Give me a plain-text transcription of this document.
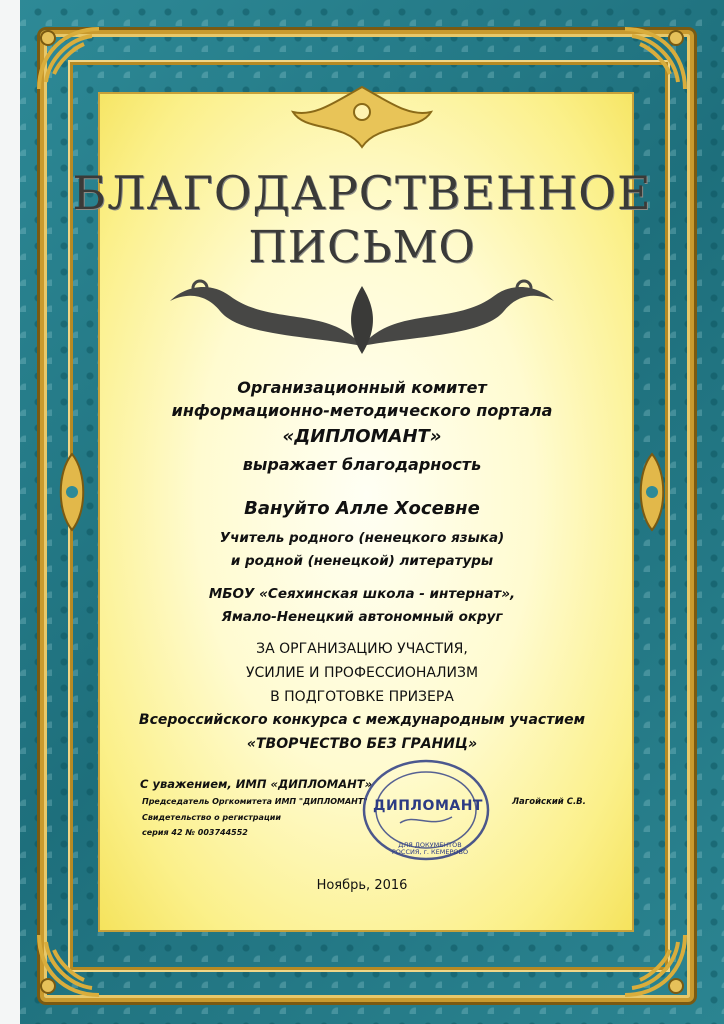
БЛАГОДАРСТВЕННОЕ
ПИСЬМО
Организационный комитет
информационно-методического портала
«ДИПЛОМАНТ»
выражает благодарность
Вануйто Алле Хосевне
Учитель родного (ненецкого языка)
и родной (ненецкой) литературы
МБОУ «Сеяхинская школа - интернат»,
Ямало-Ненецкий автономный округ
ЗА ОРГАНИЗАЦИЮ УЧАСТИЯ,
УСИЛИЕ И ПРОФЕССИОНАЛИЗМ
В ПОДГОТОВКЕ ПРИЗЕРА
Всероссийского конкурса с международным участием
«ТВОРЧЕСТВО БЕЗ ГРАНИЦ»
С уважением, ИМП «ДИПЛОМАНТ»
Председатель Оргкомитета ИМП "ДИПЛОМАНТ"
Свидетельство о регистрации
серия 42 № 003744552
Лагойский С.В.
ДИПЛОМАНТ
ДЛЯ ДОКУМЕНТОВ РОССИЯ, г. КЕМЕРОВО
Ноябрь, 2016
